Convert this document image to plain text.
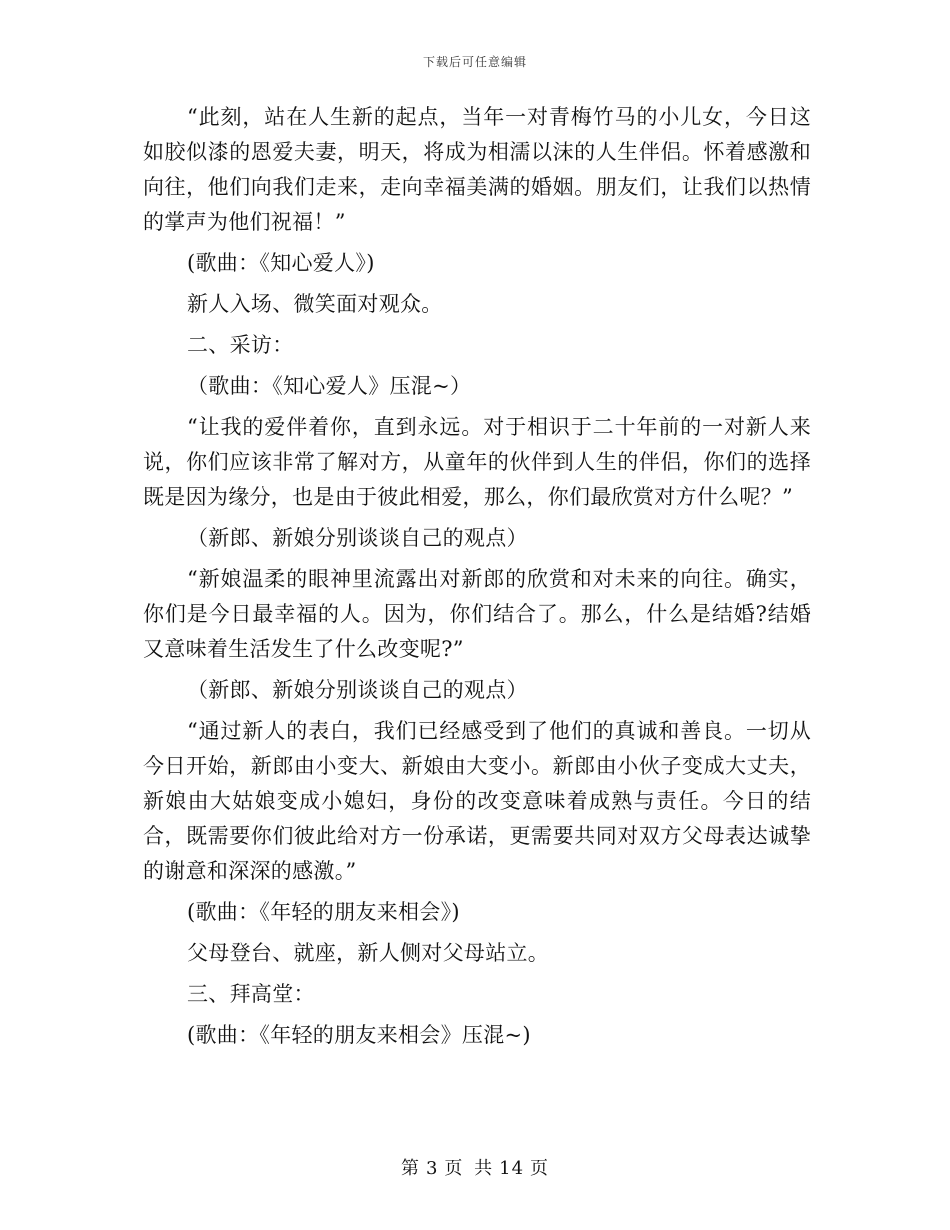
下载后可任意编辑

“此刻，站在人生新的起点，当年一对青梅竹马的小儿女，今日这如胶似漆的恩爱夫妻，明天，将成为相濡以沫的人生伴侣。怀着感激和向往，他们向我们走来，走向幸福美满的婚姻。朋友们，让我们以热情的掌声为他们祝福！”

(歌曲：《知心爱人》)

新人入场、微笑面对观众。

二、采访：

（歌曲：《知心爱人》压混~）

“让我的爱伴着你，直到永远。对于相识于二十年前的一对新人来说，你们应该非常了解对方，从童年的伙伴到人生的伴侣，你们的选择既是因为缘分，也是由于彼此相爱，那么，你们最欣赏对方什么呢？”

（新郎、新娘分别谈谈自己的观点）

“新娘温柔的眼神里流露出对新郎的欣赏和对未来的向往。确实，你们是今日最幸福的人。因为，你们结合了。那么，什么是结婚?结婚又意味着生活发生了什么改变呢?”

（新郎、新娘分别谈谈自己的观点）

“通过新人的表白，我们已经感受到了他们的真诚和善良。一切从今日开始，新郎由小变大、新娘由大变小。新郎由小伙子变成大丈夫，新娘由大姑娘变成小媳妇，身份的改变意味着成熟与责任。今日的结合，既需要你们彼此给对方一份承诺，更需要共同对双方父母表达诚挚的谢意和深深的感激。”

(歌曲：《年轻的朋友来相会》)

父母登台、就座，新人侧对父母站立。

三、拜高堂：

(歌曲：《年轻的朋友来相会》压混~)

第 3 页 共 14 页
